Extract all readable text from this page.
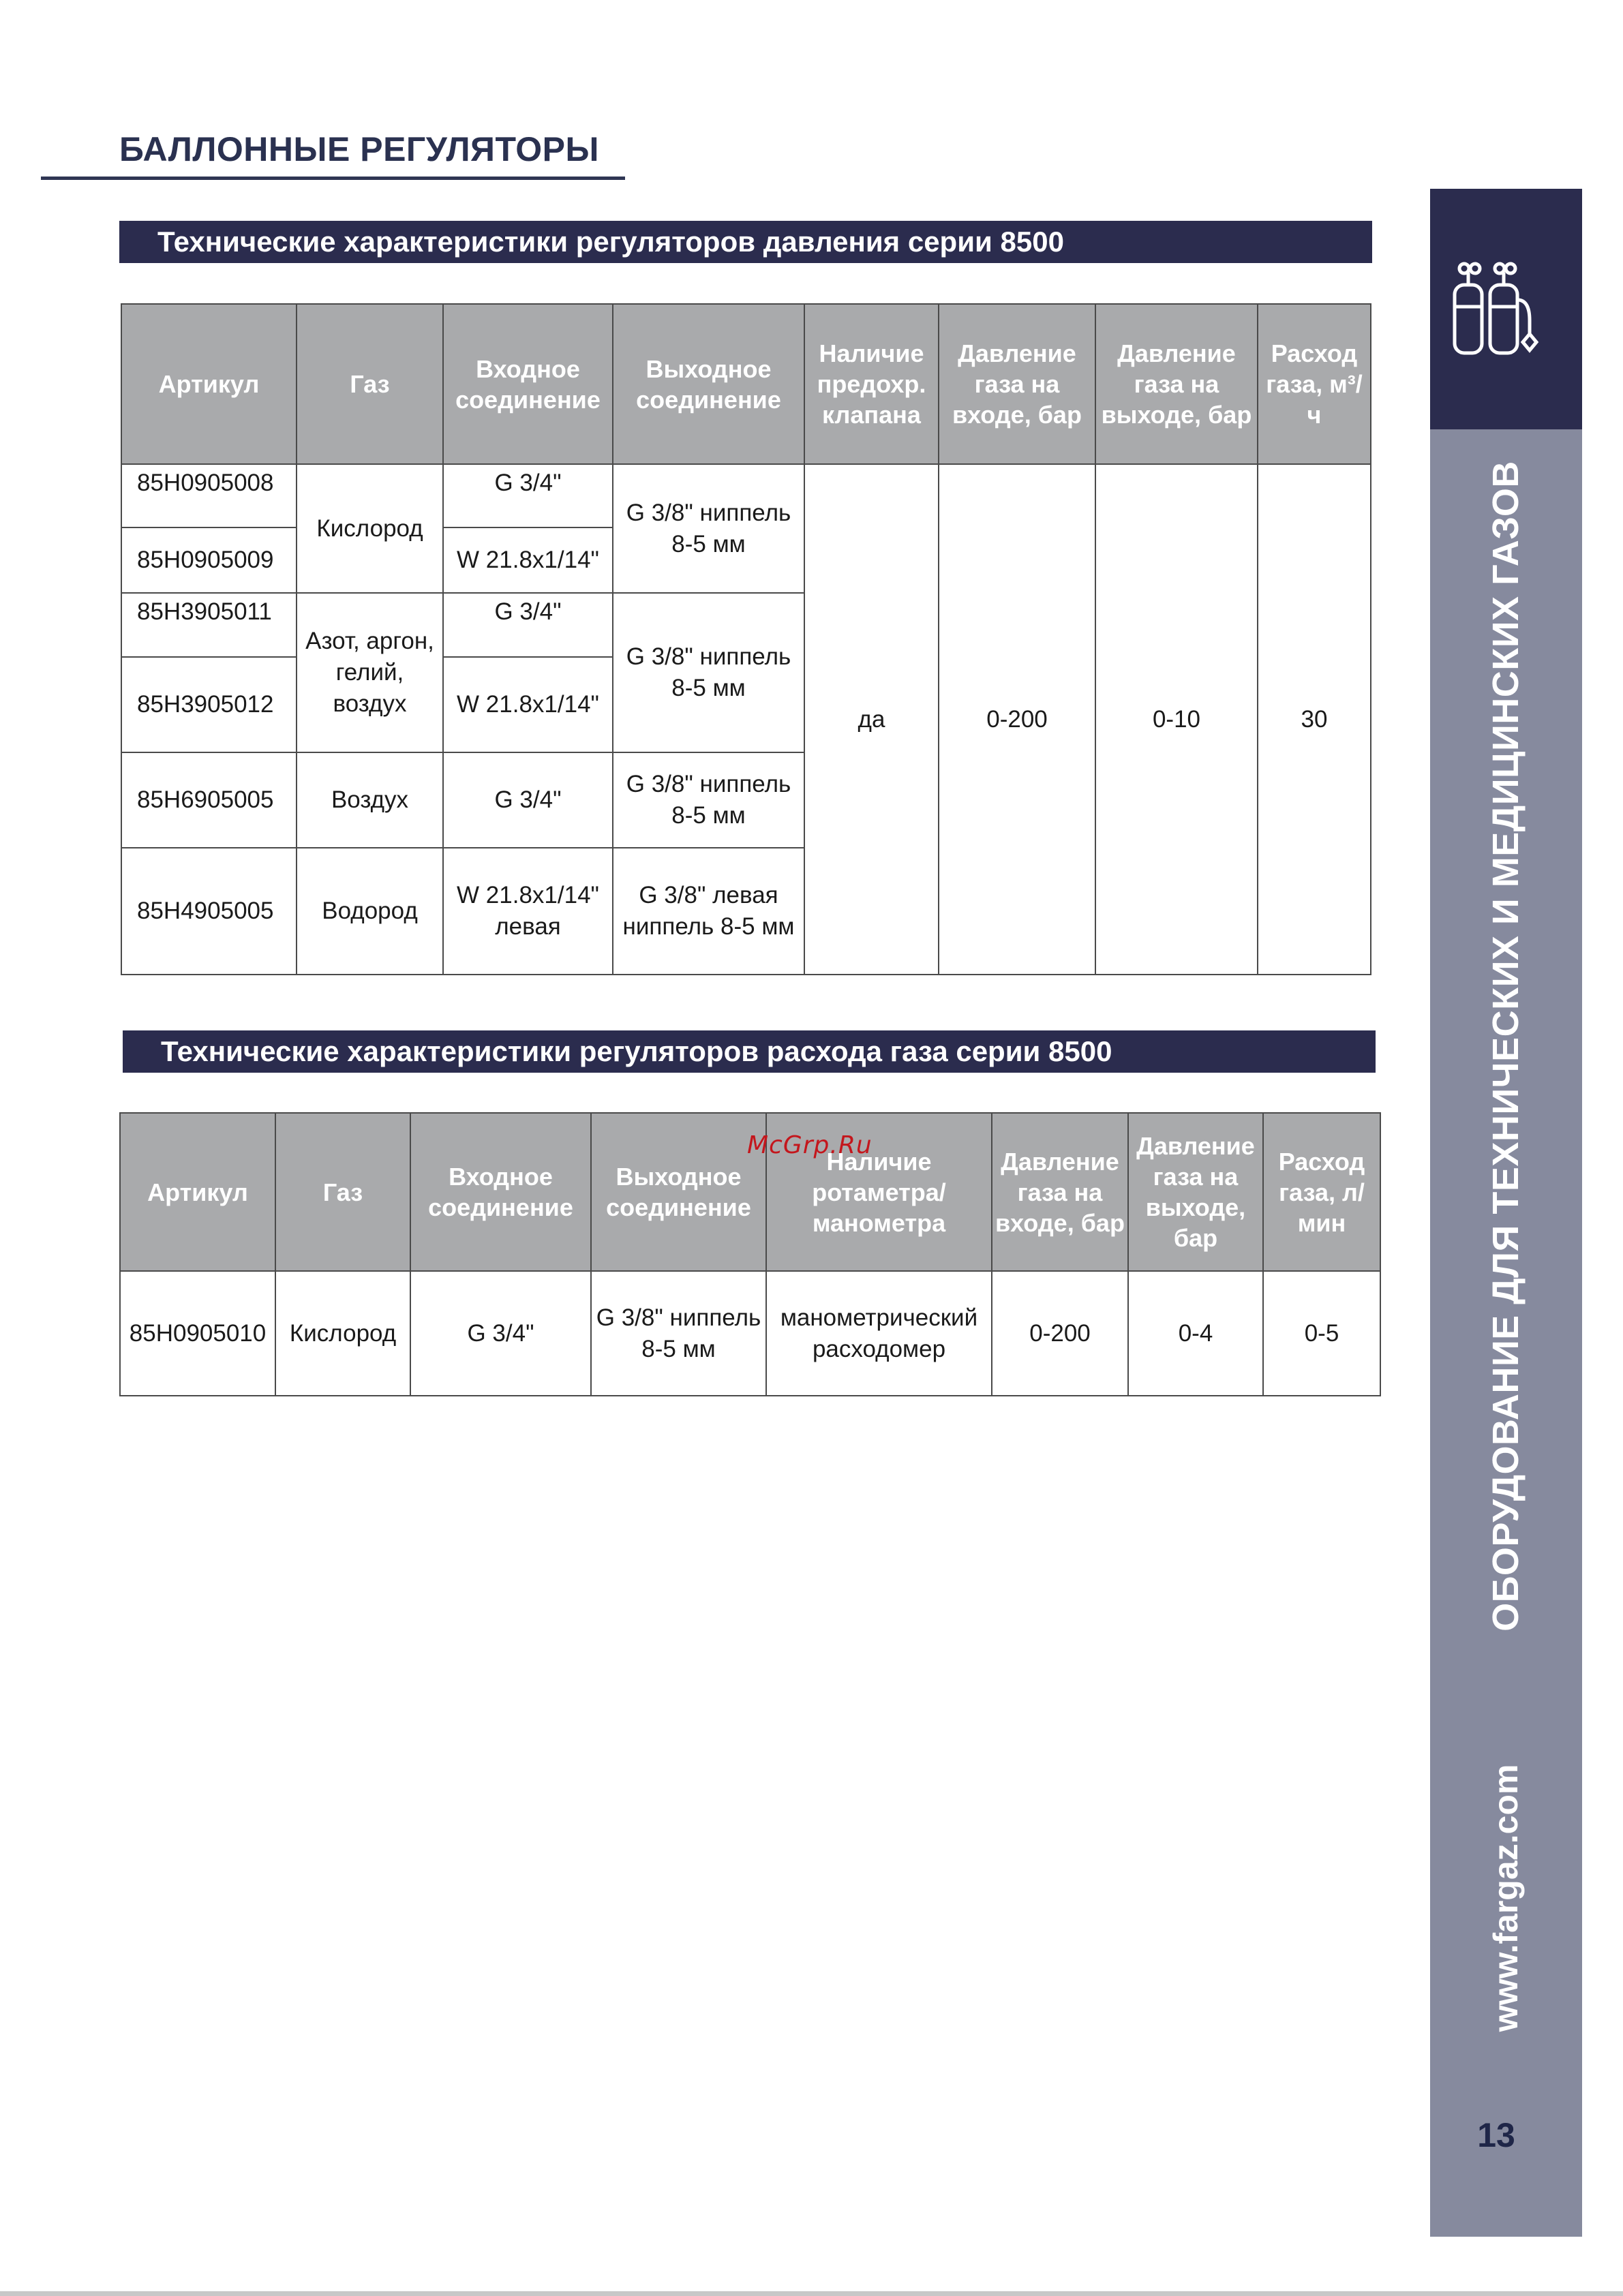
БАЛЛОННЫЕ РЕГУЛЯТОРЫ
Технические характеристики регуляторов давления серии 8500
Артикул	Газ	Входное соединение	Выходное соединение	Наличие предохр. клапана	Давление газа на входе, бар	Давление газа на выходе, бар	Расход газа, м³/ч
85H0905008	Кислород	G 3/4"	G 3/8" ниппель 8-5 мм	да	0-200	0-10	30
85H0905009		W 21.8x1/14"					
85H3905011	Азот, аргон, гелий, воздух	G 3/4"	G 3/8" ниппель 8-5 мм				
85H3905012		W 21.8x1/14"					
85H6905005	Воздух	G 3/4"	G 3/8" ниппель 8-5 мм				
85H4905005	Водород	W 21.8x1/14" левая	G 3/8" левая ниппель 8-5 мм				

Технические характеристики регуляторов расхода газа серии 8500
Артикул	Газ	Входное соединение	Выходное соединение	Наличие ротаметра/ манометра	Давление газа на входе, бар	Давление газа на выходе, бар	Расход газа, л/мин
85H0905010	Кислород	G 3/4"	G 3/8" ниппель 8-5 мм	манометрический расходомер	0-200	0-4	0-5
McGrp.Ru	ОБОРУДОВАНИЕ ДЛЯ ТЕХНИЧЕСКИХ И МЕДИЦИНСКИХ ГАЗОВ
www.fargaz.com
13
